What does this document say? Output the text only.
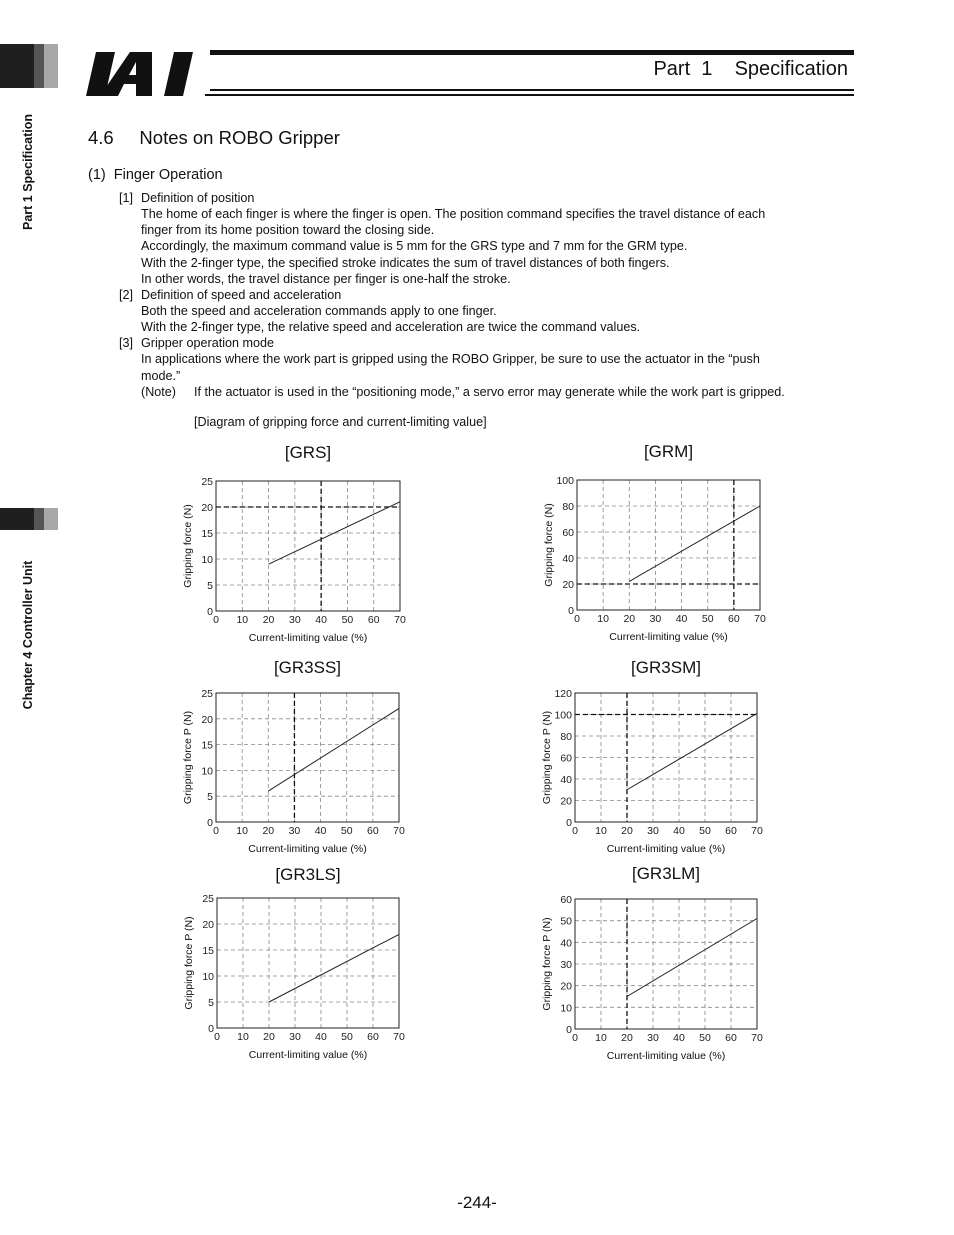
Part 1 Specification
Chapter 4 Controller Unit
Part  1    Specification
4.6     Notes on ROBO Gripper
(1)  Finger Operation
[1] Definition of position
The home of each finger is where the finger is open. The position command specifies the travel distance of each
finger from its home position toward the closing side.
Accordingly, the maximum command value is 5 mm for the GRS type and 7 mm for the GRM type.
With the 2-finger type, the specified stroke indicates the sum of travel distances of both fingers.
In other words, the travel distance per finger is one-half the stroke.
[2] Definition of speed and acceleration
Both the speed and acceleration commands apply to one finger.
With the 2-finger type, the relative speed and acceleration are twice the command values.
[3] Gripper operation mode
In applications where the work part is gripped using the ROBO Gripper, be sure to use the actuator in the “push
mode.”
(Note) If the actuator is used in the “positioning mode,” a servo error may generate while the work part is gripped.
[Diagram of gripping force and current-limiting value]
0 10 20 30 40 50 60 70
0
5
10
15
20
25
[GRS]
Current-limiting value (%)
Gripping force (N)
0 10 20 30 40 50 60 70
0
20
40
60
80
100
[GRM]
Current-limiting value (%)
Gripping force (N)
0 10 20 30 40 50 60 70
0
5
10
15
20
25
[GR3SS]
Current-limiting value (%)
Gripping force P (N)
0 10 20 30 40 50 60 70
0
20
40
60
80
100
120
[GR3SM]
Current-limiting value (%)
Gripping force P (N)
0 10 20 30 40 50 60 70
0
5
10
15
20
25
[GR3LS]
Current-limiting value (%)
Gripping force P (N)
0 10 20 30 40 50 60 70
0
10
20
30
40
50
60
[GR3LM]
Current-limiting value (%)
Gripping force P (N)
-244-
